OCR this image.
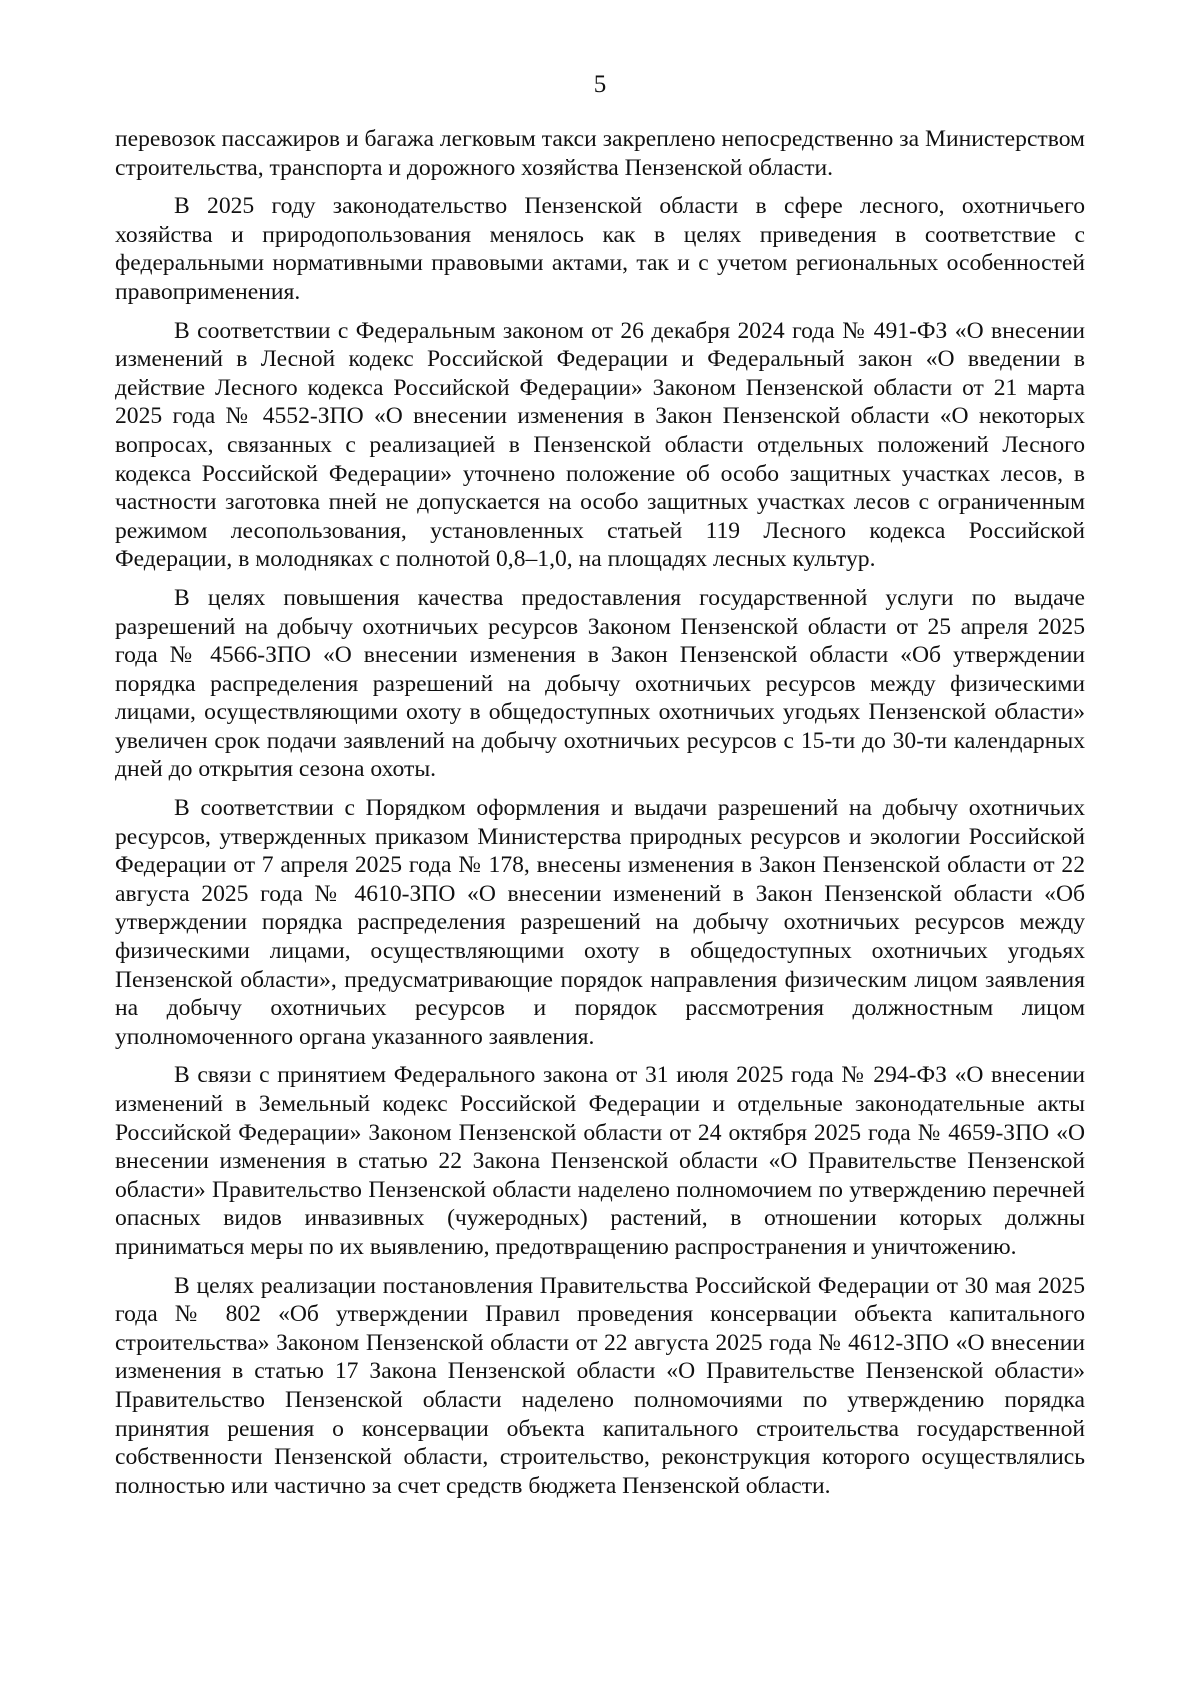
5

перевозок пассажиров и багажа легковым такси закреплено непосредственно за Министерством строительства, транспорта и дорожного хозяйства Пензенской области.

В 2025 году законодательство Пензенской области в сфере лесного, охотничьего хозяйства и природопользования менялось как в целях приведения в соответствие с федеральными нормативными правовыми актами, так и с учетом региональных особенностей правоприменения.

В соответствии с Федеральным законом от 26 декабря 2024 года № 491-ФЗ «О внесении изменений в Лесной кодекс Российской Федерации и Федеральный закон «О введении в действие Лесного кодекса Российской Федерации» Законом Пензенской области от 21 марта 2025 года № 4552-ЗПО «О внесении изменения в Закон Пензенской области «О некоторых вопросах, связанных с реализацией в Пензенской области отдельных положений Лесного кодекса Российской Федерации» уточнено положение об особо защитных участках лесов, в частности заготовка пней не допускается на особо защитных участках лесов с ограниченным режимом лесопользования, установленных статьей 119 Лесного кодекса Российской Федерации, в молодняках с полнотой 0,8–1,0, на площадях лесных культур.

В целях повышения качества предоставления государственной услуги по выдаче разрешений на добычу охотничьих ресурсов Законом Пензенской области от 25 апреля 2025 года № 4566-ЗПО «О внесении изменения в Закон Пензенской области «Об утверждении порядка распределения разрешений на добычу охотничьих ресурсов между физическими лицами, осуществляющими охоту в общедоступных охотничьих угодьях Пензенской области» увеличен срок подачи заявлений на добычу охотничьих ресурсов с 15-ти до 30-ти календарных дней до открытия сезона охоты.

В соответствии с Порядком оформления и выдачи разрешений на добычу охотничьих ресурсов, утвержденных приказом Министерства природных ресурсов и экологии Российской Федерации от 7 апреля 2025 года № 178, внесены изменения в Закон Пензенской области от 22 августа 2025 года № 4610-ЗПО «О внесении изменений в Закон Пензенской области «Об утверждении порядка распределения разрешений на добычу охотничьих ресурсов между физическими лицами, осуществляющими охоту в общедоступных охотничьих угодьях Пензенской области», предусматривающие порядок направления физическим лицом заявления на добычу охотничьих ресурсов и порядок рассмотрения должностным лицом уполномоченного органа указанного заявления.

В связи с принятием Федерального закона от 31 июля 2025 года № 294-ФЗ «О внесении изменений в Земельный кодекс Российской Федерации и отдельные законодательные акты Российской Федерации» Законом Пензенской области от 24 октября 2025 года № 4659-ЗПО «О внесении изменения в статью 22 Закона Пензенской области «О Правительстве Пензенской области» Правительство Пензенской области наделено полномочием по утверждению перечней опасных видов инвазивных (чужеродных) растений, в отношении которых должны приниматься меры по их выявлению, предотвращению распространения и уничтожению.

В целях реализации постановления Правительства Российской Федерации от 30 мая 2025 года № 802 «Об утверждении Правил проведения консервации объекта капитального строительства» Законом Пензенской области от 22 августа 2025 года № 4612-ЗПО «О внесении изменения в статью 17 Закона Пензенской области «О Правительстве Пензенской области» Правительство Пензенской области наделено полномочиями по утверждению порядка принятия решения о консервации объекта капитального строительства государственной собственности Пензенской области, строительство, реконструкция которого осуществлялись полностью или частично за счет средств бюджета Пензенской области.
